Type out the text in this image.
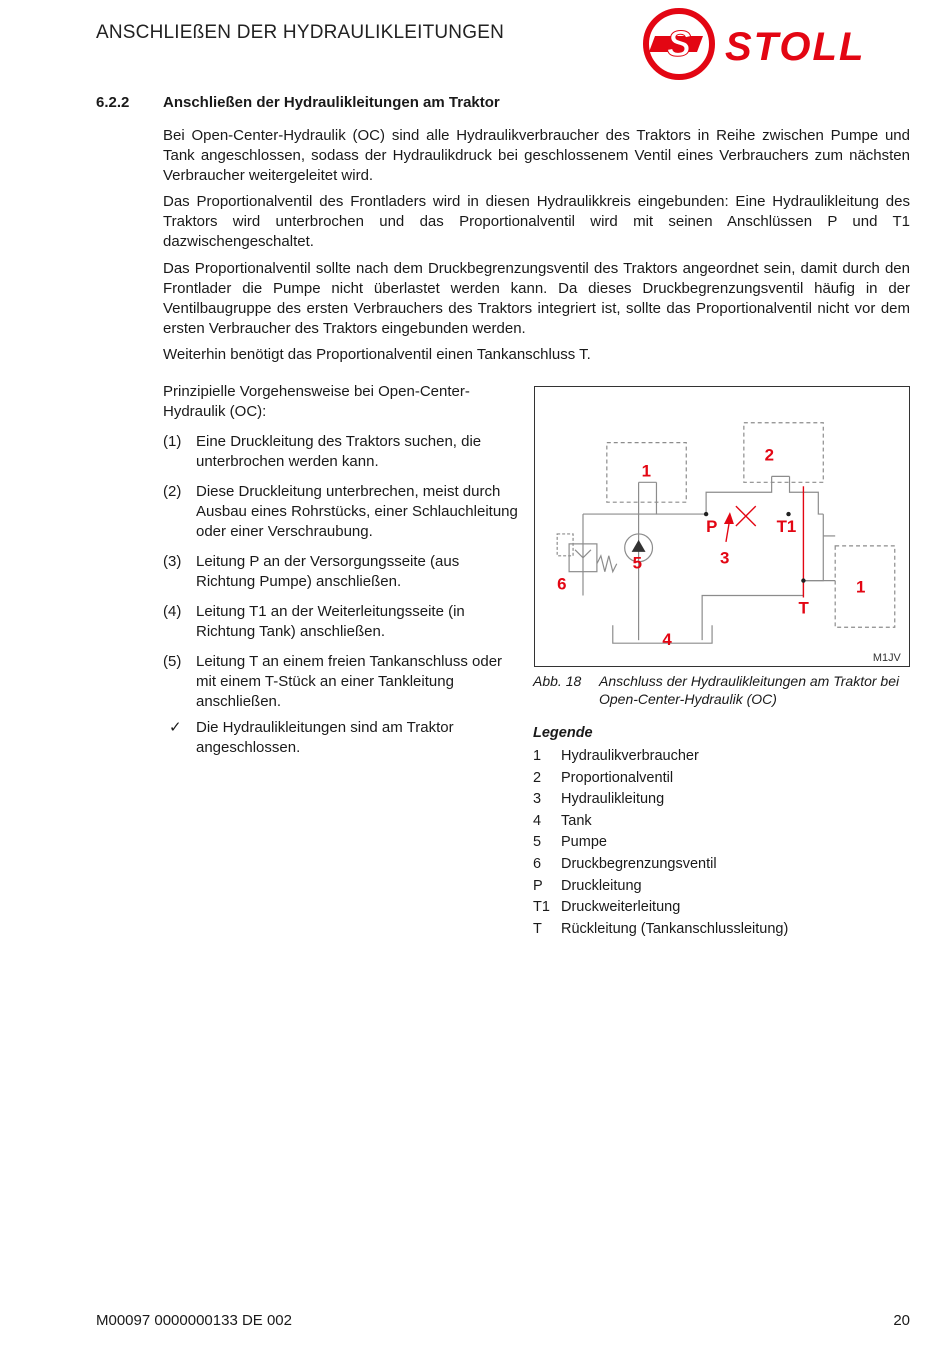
ANSCHLIEßEN DER HYDRAULIKLEITUNGEN	S STOLL
6.2.2 Anschließen der Hydraulikleitungen am Traktor

Bei Open-Center-Hydraulik (OC) sind alle Hydraulikverbraucher des Traktors in Reihe zwischen Pumpe und Tank angeschlossen, sodass der Hydraulikdruck bei geschlossenem Ventil eines Verbrauchers zum nächsten Verbraucher weitergeleitet wird.

Das Proportionalventil des Frontladers wird in diesen Hydraulikkreis eingebunden: Eine Hydraulikleitung des Traktors wird unterbrochen und das Proportionalventil wird mit seinen Anschlüssen P und T1 dazwischengeschaltet.

Das Proportionalventil sollte nach dem Druckbegrenzungsventil des Traktors angeordnet sein, damit durch den Frontlader die Pumpe nicht überlastet werden kann. Da dieses Druckbegrenzungsventil häufig in der Ventilbaugruppe des ersten Verbrauchers des Traktors integriert ist, sollte das Proportionalventil nicht vor dem ersten Verbraucher des Traktors eingebunden werden.

Weiterhin benötigt das Proportionalventil einen Tankanschluss T.

Prinzipielle Vorgehensweise bei Open-Center-Hydraulik (OC):
(1) Eine Druckleitung des Traktors suchen, die unterbrochen werden kann.
(2) Diese Druckleitung unterbrechen, meist durch Ausbau eines Rohrstücks, einer Schlauchleitung oder einer Verschraubung.
(3) Leitung P an der Versorgungsseite (aus Richtung Pumpe) anschließen.
(4) Leitung T1 an der Weiterleitungsseite (in Richtung Tank) anschließen.
(5) Leitung T an einem freien Tankanschluss oder mit einem T-Stück an einer Tankleitung anschließen.
✓ Die Hydraulikleitungen sind am Traktor angeschlossen.
1
2
3
4
5
6	1
P	T1
T
M1JV
Abb. 18 Anschluss der Hydraulikleitungen am Traktor bei Open-Center-Hydraulik (OC)
Legende
1 Hydraulikverbraucher
2 Proportionalventil
3 Hydraulikleitung
4 Tank
5 Pumpe
6 Druckbegrenzungsventil
P Druckleitung
T1 Druckweiterleitung
T Rückleitung (Tankanschlussleitung)
M00097 0000000133 DE 002	20
